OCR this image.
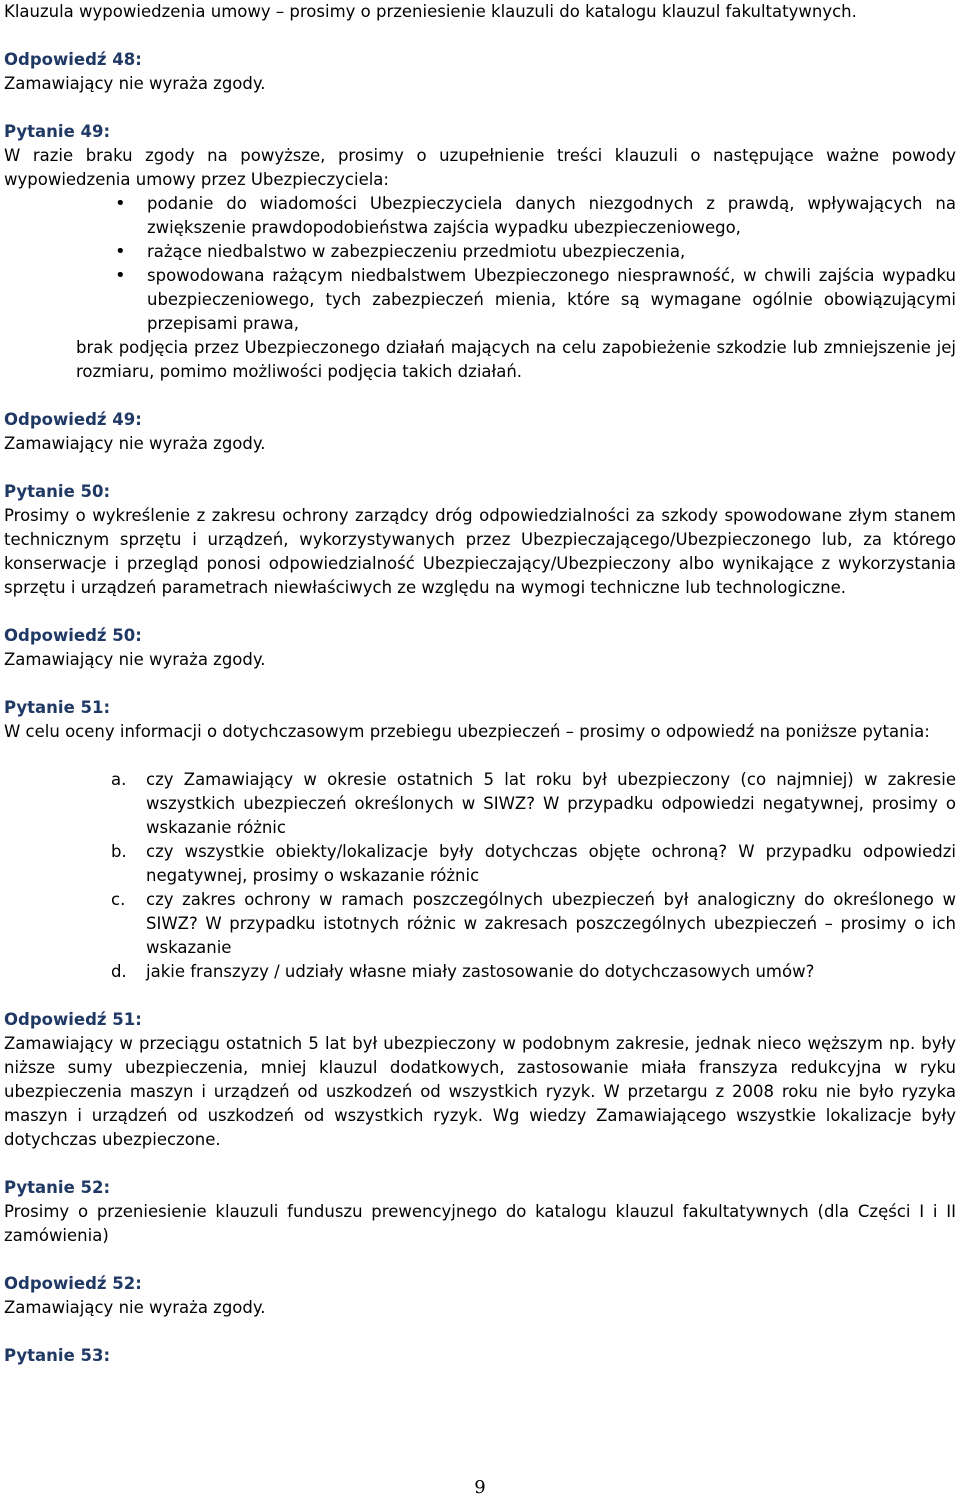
Klauzula wypowiedzenia umowy – prosimy o przeniesienie klauzuli do katalogu klauzul fakultatywnych.

Odpowiedź 48:

Zamawiający nie wyraża zgody.

Pytanie 49:

W razie braku zgody na powyższe, prosimy o uzupełnienie treści klauzuli o następujące ważne powody wypowiedzenia umowy przez Ubezpieczyciela:

• podanie do wiadomości Ubezpieczyciela danych niezgodnych z prawdą, wpływających na zwiększenie prawdopodobieństwa zajścia wypadku ubezpieczeniowego,
• rażące niedbalstwo w zabezpieczeniu przedmiotu ubezpieczenia,
• spowodowana rażącym niedbalstwem Ubezpieczonego niesprawność, w chwili zajścia wypadku ubezpieczeniowego, tych zabezpieczeń mienia, które są wymagane ogólnie obowiązującymi przepisami prawa,

brak podjęcia przez Ubezpieczonego działań mających na celu zapobieżenie szkodzie lub zmniejszenie jej rozmiaru, pomimo możliwości podjęcia takich działań.

Odpowiedź 49:

Zamawiający nie wyraża zgody.

Pytanie 50:

Prosimy o wykreślenie z zakresu ochrony zarządcy dróg odpowiedzialności za szkody spowodowane złym stanem technicznym sprzętu i urządzeń, wykorzystywanych przez Ubezpieczającego/Ubezpieczonego lub, za którego konserwacje i przegląd ponosi odpowiedzialność Ubezpieczający/Ubezpieczony albo wynikające z wykorzystania sprzętu i urządzeń parametrach niewłaściwych ze względu na wymogi techniczne lub technologiczne.

Odpowiedź 50:

Zamawiający nie wyraża zgody.

Pytanie 51:

W celu oceny informacji o dotychczasowym przebiegu ubezpieczeń – prosimy o odpowiedź na poniższe pytania:

a. czy Zamawiający w okresie ostatnich 5 lat roku był ubezpieczony (co najmniej) w zakresie wszystkich ubezpieczeń określonych w SIWZ? W przypadku odpowiedzi negatywnej, prosimy o wskazanie różnic
b. czy wszystkie obiekty/lokalizacje były dotychczas objęte ochroną? W przypadku odpowiedzi negatywnej, prosimy o wskazanie różnic
c. czy zakres ochrony w ramach poszczególnych ubezpieczeń był analogiczny do określonego w SIWZ? W przypadku istotnych różnic w zakresach poszczególnych ubezpieczeń – prosimy o ich wskazanie
d. jakie franszyzy / udziały własne miały zastosowanie do dotychczasowych umów?

Odpowiedź 51:

Zamawiający w przeciągu ostatnich 5 lat był ubezpieczony w podobnym zakresie, jednak nieco węższym np. były niższe sumy ubezpieczenia, mniej klauzul dodatkowych, zastosowanie miała franszyza redukcyjna w ryku ubezpieczenia maszyn i urządzeń od uszkodzeń od wszystkich ryzyk. W przetargu z 2008 roku nie było ryzyka maszyn i urządzeń od uszkodzeń od wszystkich ryzyk. Wg wiedzy Zamawiającego wszystkie lokalizacje były dotychczas ubezpieczone.

Pytanie 52:

Prosimy o przeniesienie klauzuli funduszu prewencyjnego do katalogu klauzul fakultatywnych (dla Części I i II zamówienia)

Odpowiedź 52:

Zamawiający nie wyraża zgody.

Pytanie 53:

9
